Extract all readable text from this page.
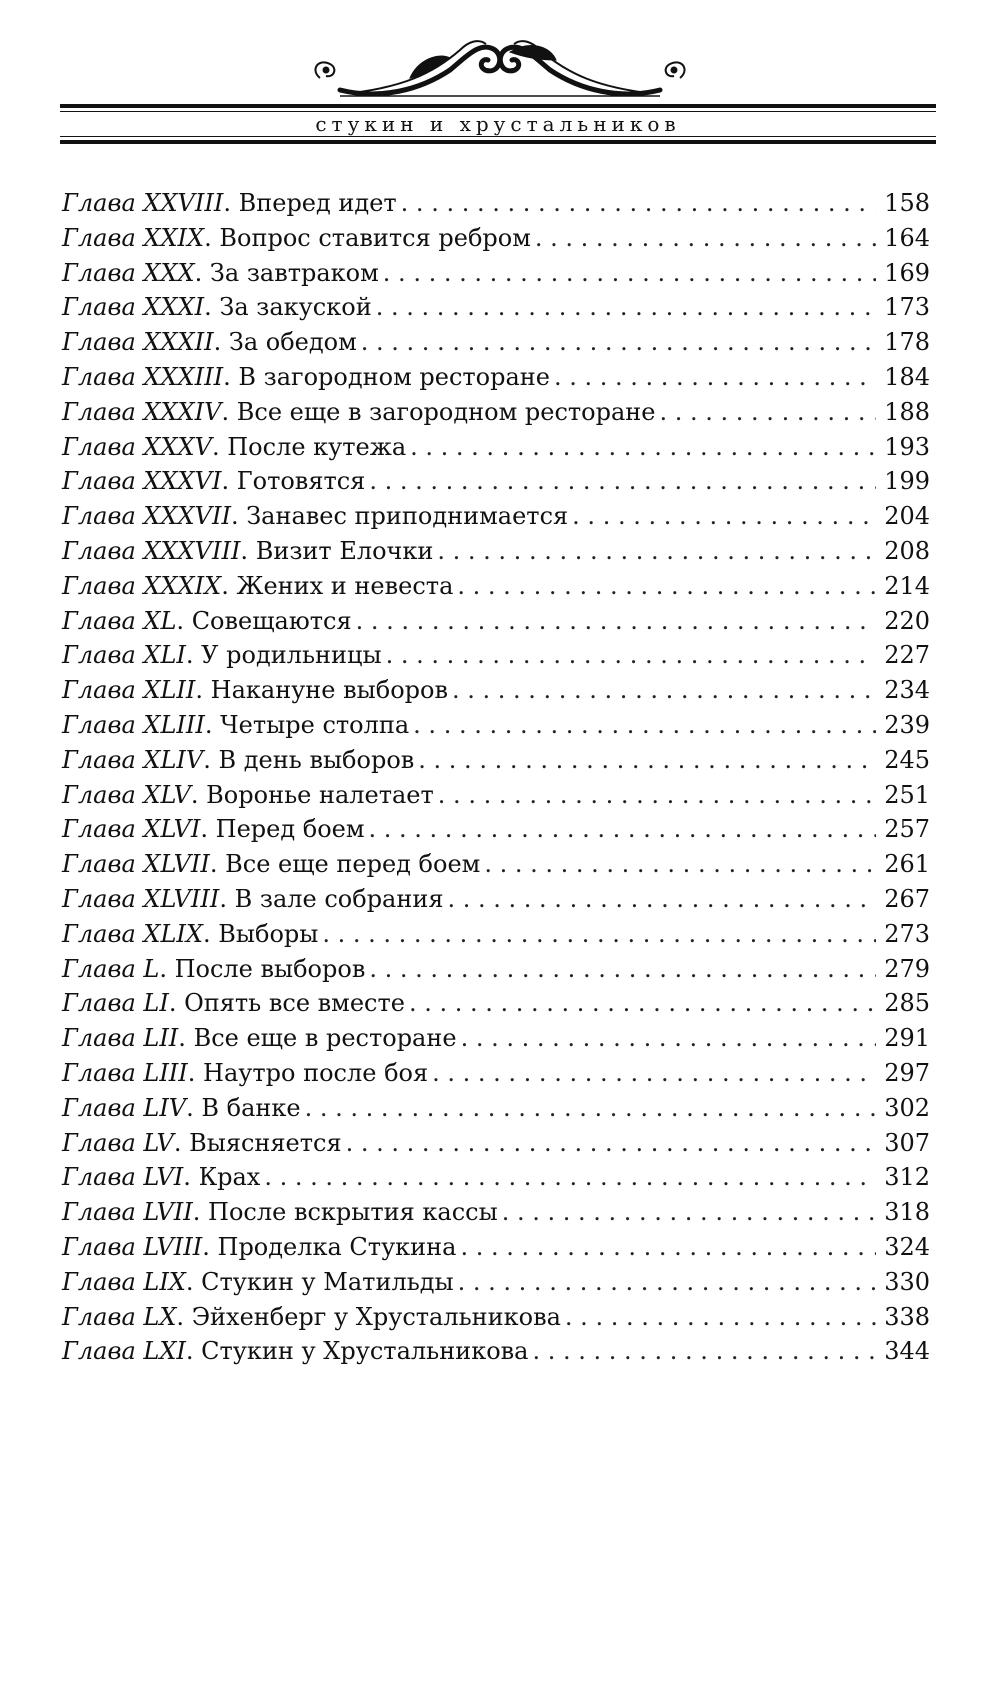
стукин и хрустальников
Глава XXVIII . Вперед идет . . .	158
Глава XXIX . Вопрос ставится ребром . . .	164
Глава XXX . За завтраком . . .	169
Глава XXXI . За закуской . . .	173
Глава XXXII . За обедом . . .	178
Глава XXXIII . В загородном ресторане . . .	184
Глава XXXIV . Все еще в загородном ресторане . . .	188
Глава XXXV . После кутежа . . .	193
Глава XXXVI . Готовятся . . .	199
Глава XXXVII . Занавес приподнимается . . .	204
Глава XXXVIII . Визит Елочки . . .	208
Глава XXXIX . Жених и невеста . . .	214
Глава XL . Совещаются . . .	220
Глава XLI . У родильницы . . .	227
Глава XLII . Накануне выборов . . .	234
Глава XLIII . Четыре столпа . . .	239
Глава XLIV . В день выборов . . .	245
Глава XLV . Воронье налетает . . .	251
Глава XLVI . Перед боем . . .	257
Глава XLVII . Все еще перед боем . . .	261
Глава XLVIII . В зале собрания . . .	267
Глава XLIX . Выборы . . .	273
Глава L . После выборов . . .	279
Глава LI . Опять все вместе . . .	285
Глава LII . Все еще в ресторане . . .	291
Глава LIII . Наутро после боя . . .	297
Глава LIV . В банке . . .	302
Глава LV . Выясняется . . .	307
Глава LVI . Крах . . .	312
Глава LVII . После вскрытия кассы . . .	318
Глава LVIII . Проделка Стукина . . .	324
Глава LIX . Стукин у Матильды . . .	330
Глава LX . Эйхенберг у Хрустальникова . . .	338
Глава LXI . Стукин у Хрустальникова . . .	344
